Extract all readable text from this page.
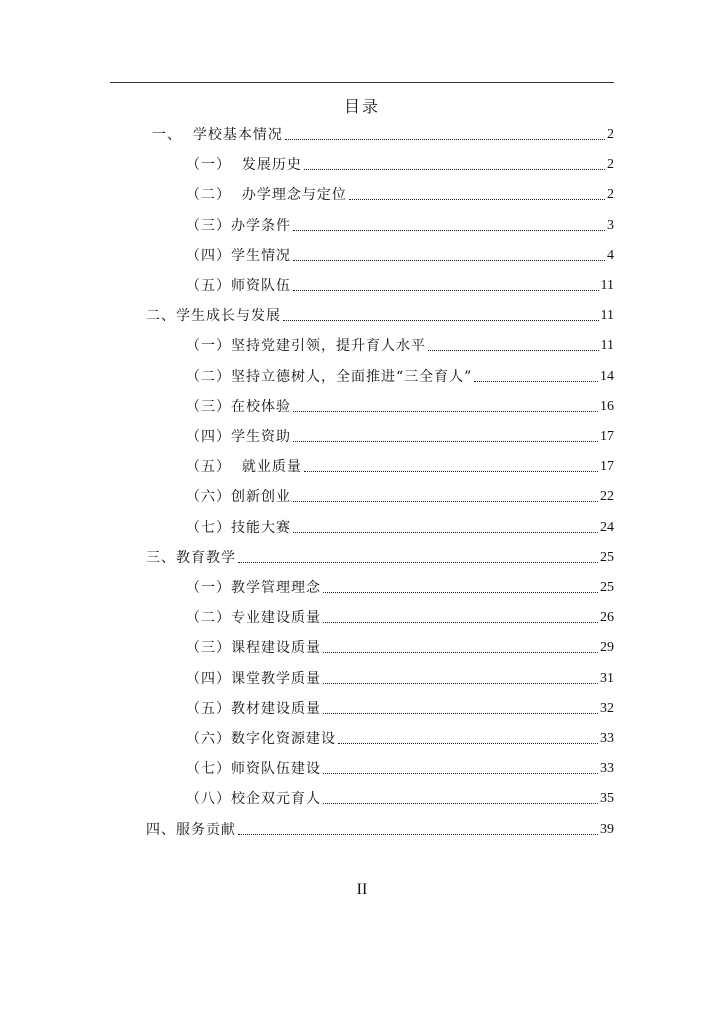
目录
一、  学校基本情况	2
（一）  发展历史	2
（二）  办学理念与定位	2
（三）办学条件	3
（四）学生情况	4
（五）师资队伍	11
二、学生成长与发展	11
（一）坚持党建引领，提升育人水平	11
（二）坚持立德树人，全面推进“三全育人”	14
（三）在校体验	16
（四）学生资助	17
（五）  就业质量	17
（六）创新创业	22
（七）技能大赛	24
三、教育教学	25
（一）教学管理理念	25
（二）专业建设质量	26
（三）课程建设质量	29
（四）课堂教学质量	31
（五）教材建设质量	32
（六）数字化资源建设	33
（七）师资队伍建设	33
（八）校企双元育人	35
四、服务贡献	39
II
